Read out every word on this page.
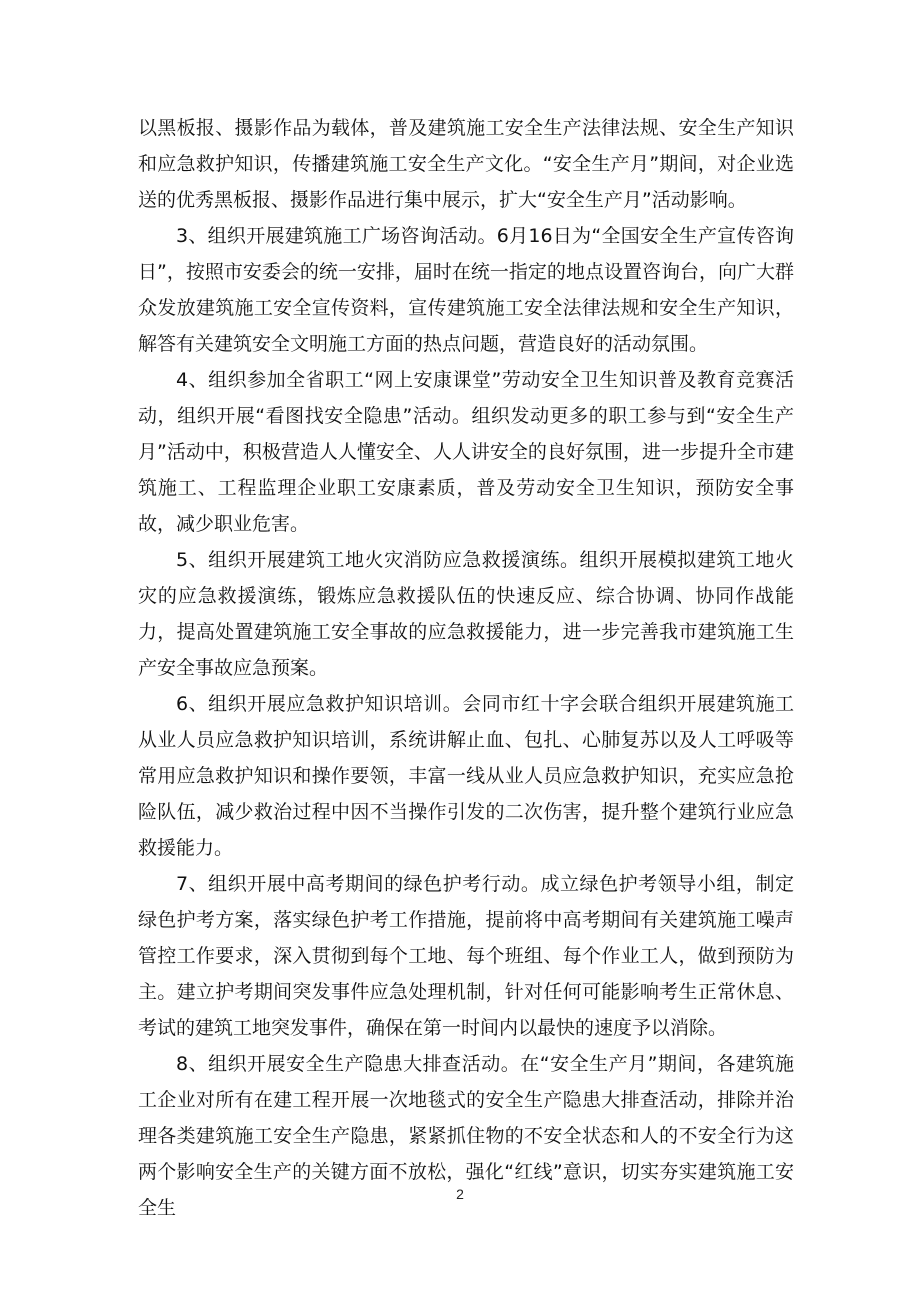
以黑板报、摄影作品为载体，普及建筑施工安全生产法律法规、安全生产知识和应急救护知识，传播建筑施工安全生产文化。“安全生产月”期间，对企业选送的优秀黑板报、摄影作品进行集中展示，扩大“安全生产月”活动影响。

3、组织开展建筑施工广场咨询活动。6月16日为“全国安全生产宣传咨询日”，按照市安委会的统一安排，届时在统一指定的地点设置咨询台，向广大群众发放建筑施工安全宣传资料，宣传建筑施工安全法律法规和安全生产知识，解答有关建筑安全文明施工方面的热点问题，营造良好的活动氛围。

4、组织参加全省职工“网上安康课堂”劳动安全卫生知识普及教育竞赛活动，组织开展“看图找安全隐患”活动。组织发动更多的职工参与到“安全生产月”活动中，积极营造人人懂安全、人人讲安全的良好氛围，进一步提升全市建筑施工、工程监理企业职工安康素质，普及劳动安全卫生知识，预防安全事故，减少职业危害。

5、组织开展建筑工地火灾消防应急救援演练。组织开展模拟建筑工地火灾的应急救援演练，锻炼应急救援队伍的快速反应、综合协调、协同作战能力，提高处置建筑施工安全事故的应急救援能力，进一步完善我市建筑施工生产安全事故应急预案。

6、组织开展应急救护知识培训。会同市红十字会联合组织开展建筑施工从业人员应急救护知识培训，系统讲解止血、包扎、心肺复苏以及人工呼吸等常用应急救护知识和操作要领，丰富一线从业人员应急救护知识，充实应急抢险队伍，减少救治过程中因不当操作引发的二次伤害，提升整个建筑行业应急救援能力。

7、组织开展中高考期间的绿色护考行动。成立绿色护考领导小组，制定绿色护考方案，落实绿色护考工作措施，提前将中高考期间有关建筑施工噪声管控工作要求，深入贯彻到每个工地、每个班组、每个作业工人，做到预防为主。建立护考期间突发事件应急处理机制，针对任何可能影响考生正常休息、考试的建筑工地突发事件，确保在第一时间内以最快的速度予以消除。

8、组织开展安全生产隐患大排查活动。在“安全生产月”期间，各建筑施工企业对所有在建工程开展一次地毯式的安全生产隐患大排查活动，排除并治理各类建筑施工安全生产隐患，紧紧抓住物的不安全状态和人的不安全行为这两个影响安全生产的关键方面不放松，强化“红线”意识，切实夯实建筑施工安全生

2
